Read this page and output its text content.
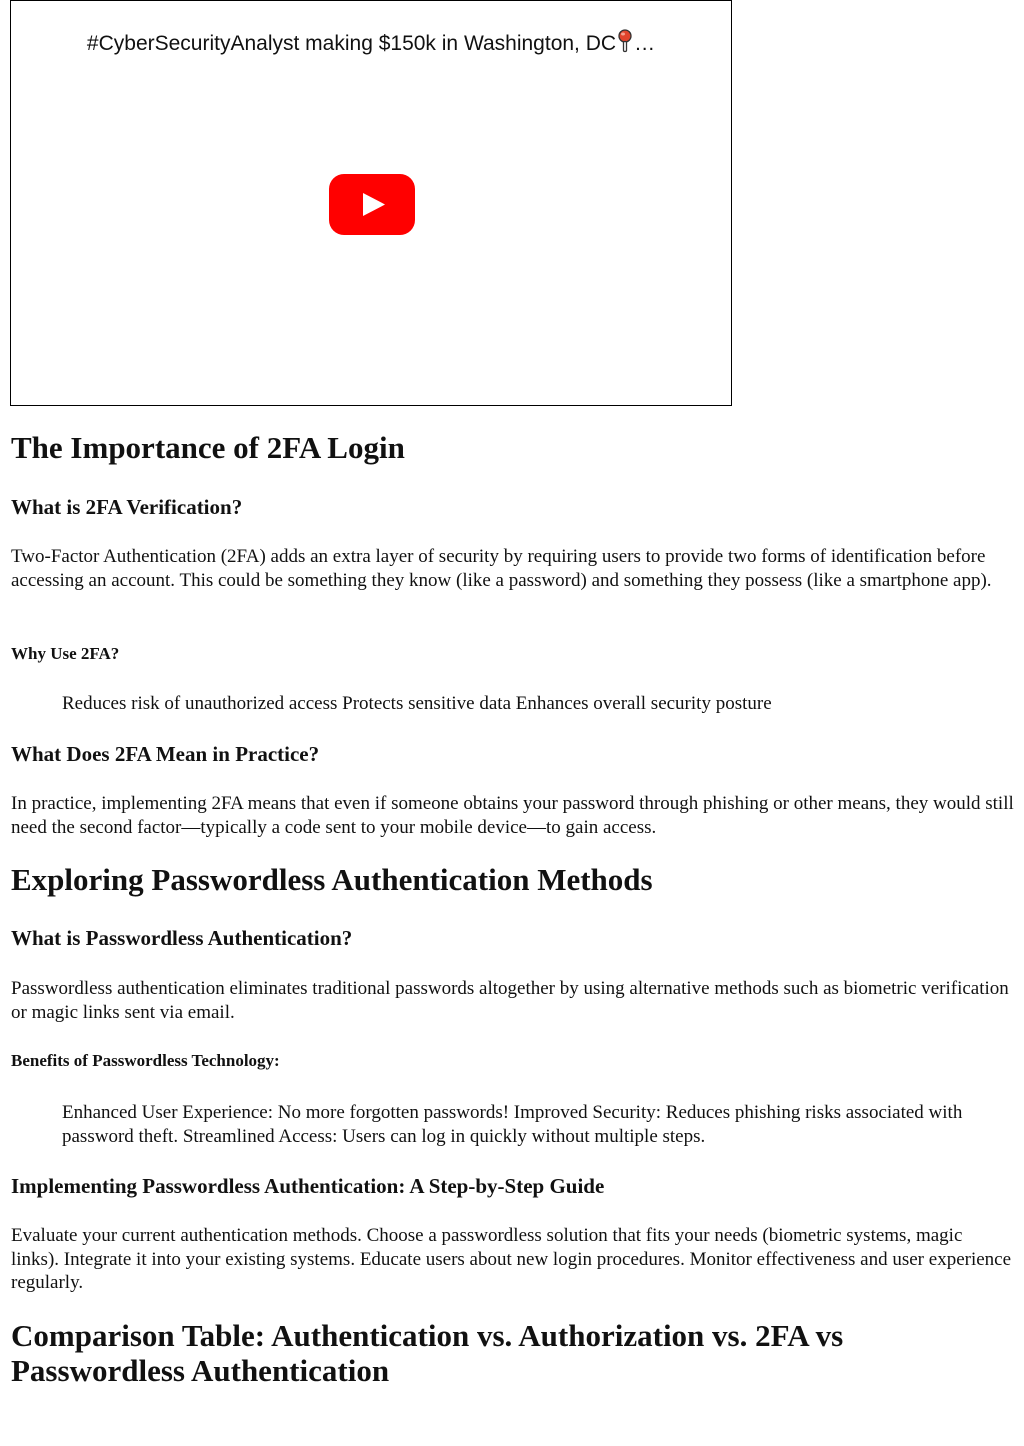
#CyberSecurityAnalyst making $150k in Washington, DC …
The Importance of 2FA Login
What is 2FA Verification?

Two-Factor Authentication (2FA) adds an extra layer of security by requiring users to provide two forms of identification before accessing an account. This could be something they know (like a password) and something they possess (like a smartphone app).

Why Use 2FA?

Reduces risk of unauthorized access Protects sensitive data Enhances overall security posture

What Does 2FA Mean in Practice?

In practice, implementing 2FA means that even if someone obtains your password through phishing or other means, they would still need the second factor—typically a code sent to your mobile device—to gain access.

Exploring Passwordless Authentication Methods
What is Passwordless Authentication?

Passwordless authentication eliminates traditional passwords altogether by using alternative methods such as biometric verification or magic links sent via email.

Benefits of Passwordless Technology:

Enhanced User Experience: No more forgotten passwords! Improved Security: Reduces phishing risks associated with password theft. Streamlined Access: Users can log in quickly without multiple steps.

Implementing Passwordless Authentication: A Step-by-Step Guide

Evaluate your current authentication methods. Choose a passwordless solution that fits your needs (biometric systems, magic links). Integrate it into your existing systems. Educate users about new login procedures. Monitor effectiveness and user experience regularly.

Comparison Table: Authentication vs. Authorization vs. 2FA vs
Passwordless Authentication
